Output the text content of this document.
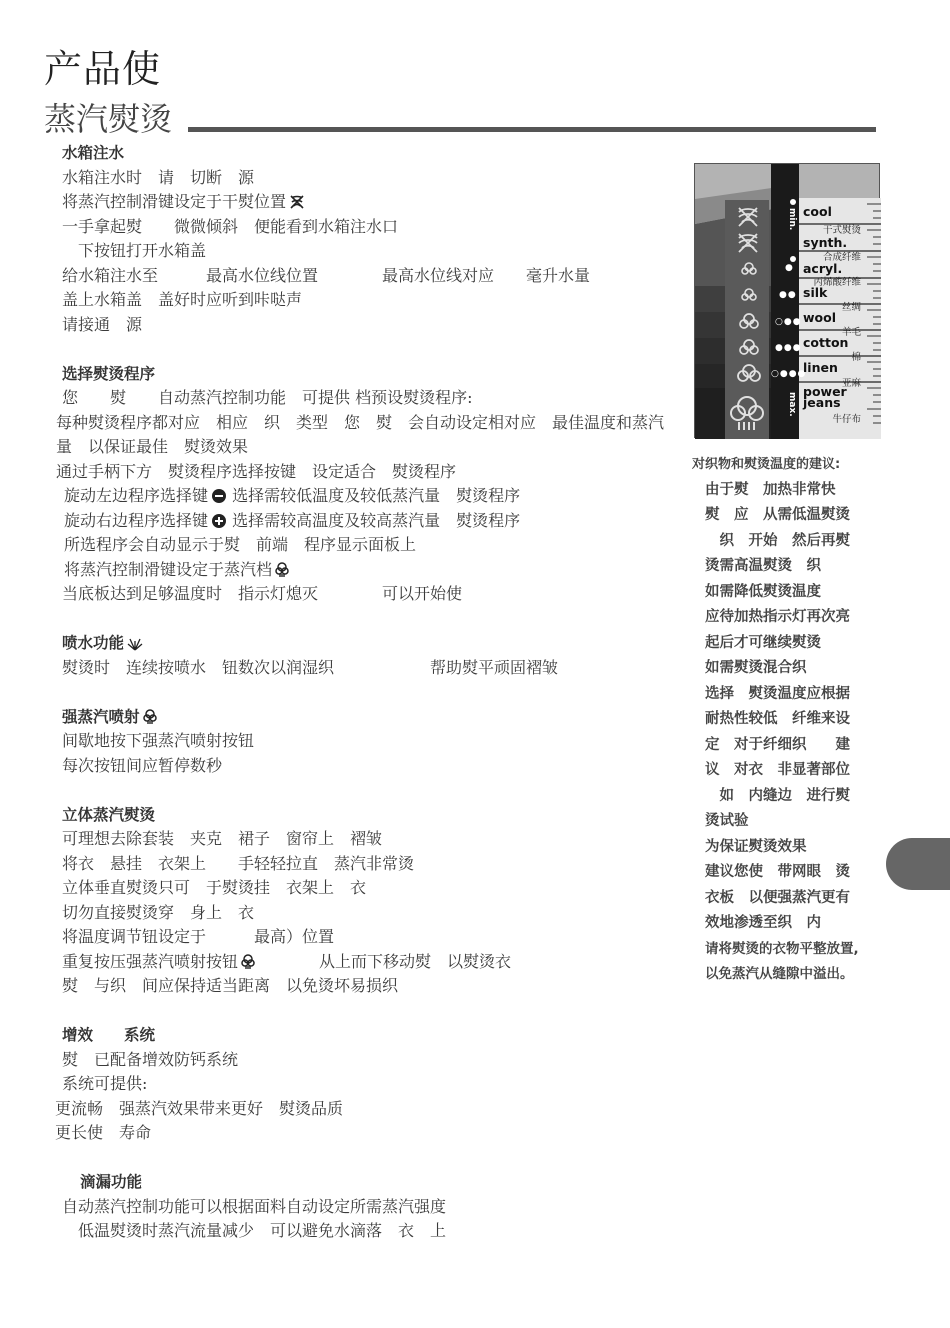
产品使
蒸汽熨烫
水箱注水
水箱注水时　请　切断　源
将蒸汽控制滑键设定于干熨位置
一手拿起熨　　微微倾斜　便能看到水箱注水口
　下按钮打开水箱盖
给水箱注水至　　　最高水位线位置　　　　最高水位线对应　　毫升水量
盖上水箱盖　盖好时应听到咔哒声
请接通　源
选择熨烫程序
您　　熨　　自动蒸汽控制功能　可提供 档预设熨烫程序:
每种熨烫程序都对应　相应　织　类型　您　熨　会自动设定相对应　最佳温度和蒸汽
量　以保证最佳　熨烫效果
通过手柄下方　熨烫程序选择按键　设定适合　熨烫程序
旋动左边程序选择键 选择需较低温度及较低蒸汽量　熨烫程序
旋动右边程序选择键 选择需较高温度及较高蒸汽量　熨烫程序
所选程序会自动显示于熨　前端　程序显示面板上
将蒸汽控制滑键设定于蒸汽档
当底板达到足够温度时　指示灯熄灭　　　　可以开始使
喷水功能
熨烫时　连续按喷水　钮数次以润湿织　　　　　　帮助熨平顽固褶皱
强蒸汽喷射
间歇地按下强蒸汽喷射按钮
每次按钮间应暂停数秒
立体蒸汽熨烫
可理想去除套装　夹克　裙子　窗帘上　褶皱
将衣　悬挂　衣架上　　手轻轻拉直　蒸汽非常烫
立体垂直熨烫只可　于熨烫挂　衣架上　衣
切勿直接熨烫穿　身上　衣
将温度调节钮设定于　　　最高）位置
重复按压强蒸汽喷射按钮　　　　从上而下移动熨　以熨烫衣
熨　与织　间应保持适当距离　以免烫坏易损织
增效　　系统
熨　已配备增效防钙系统
系统可提供:
更流畅　强蒸汽效果带来更好　熨烫品质
更长使　寿命
滴漏功能
自动蒸汽控制功能可以根据面料自动设定所需蒸汽强度
　低温熨烫时蒸汽流量减少　可以避免水滴落　衣　上
min.
max.
●
●●
○●●
●●●
○●●●
cool
干式熨烫
synth.
合成纤维
acryl.
丙烯酸纤维
silk
丝绸
wool
羊毛
cotton
棉
linen
亚麻
power jeans
牛仔布
对织物和熨烫温度的建议:
由于熨　加热非常快
熨　应　从需低温熨烫
　织　开始　然后再熨
烫需高温熨烫　织
如需降低熨烫温度
应待加热指示灯再次亮
起后才可继续熨烫
如需熨烫混合织
选择　熨烫温度应根据
耐热性较低　纤维来设
定　对于纤细织　　建
议　对衣　非显著部位
　如　内缝边　进行熨
烫试验
为保证熨烫效果
建议您使　带网眼　烫
衣板　以便强蒸汽更有
效地渗透至织　内
请将熨烫的衣物平整放置,
以免蒸汽从缝隙中溢出。
